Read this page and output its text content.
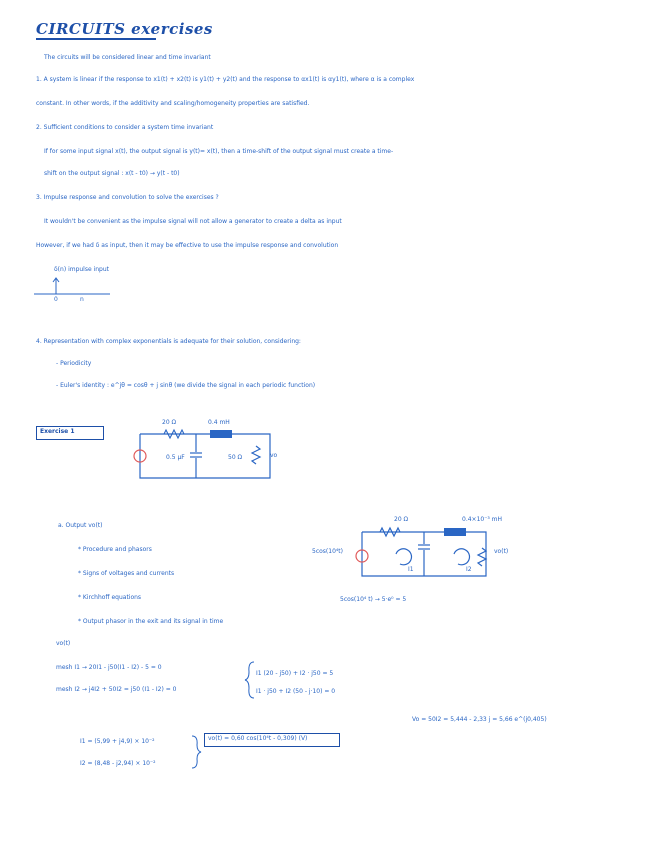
CIRCUITS exercises
The circuits will be considered linear and time invariant
1. A system is linear if the response to x1(t) + x2(t) is y1(t) + y2(t) and the response to αx1(t) is αy1(t), where α is a complex
constant. In other words, if the additivity and scaling/homogeneity properties are satisfied.
2. Sufficient conditions to consider a system time invariant
If for some input signal x(t), the output signal is y(t)= x(t), then a time-shift of the output signal must create a time-
shift on the output signal : x(t - t0) → y(t - t0)
3. Impulse response and convolution to solve the exercises ?
It wouldn't be convenient as the impulse signal will not allow a generator to create a delta as input
However, if we had δ as input, then it may be effective to use the impulse response and convolution
δ(n) impulse input
0	n
4. Representation with complex exponentials is adequate for their solution, considering:
- Periodicity
- Euler's identity : e^jθ = cosθ + j sinθ (we divide the signal in each periodic function)
Exercise 1
20 Ω	0.4 mH
0.5 µF	50 Ω	vo
a. Output vo(t)
* Procedure and phasors
* Signs of voltages and currents
* Kirchhoff equations
* Output phasor in the exit and its signal in time
20 Ω	0.4×10⁻³ mH
5cos(10⁴t)
I1	I2
vo(t)
5cos(10⁴ t) → 5·e⁰ = 5
vo(t)
mesh I1 → 20I1 - j50(I1 - I2) - 5 = 0
mesh I2 → j4I2 + 50I2 = j50 (I1 - I2) = 0
I1 (20 - j50) + I2 · j50 = 5
I1 · j50 + I2 (50 - j·10) = 0
Vo = 50I2 = 5,444 - 2,33 j = 5,66 e^(j0,405)
I1 = (5,99 + j4,9) × 10⁻²
I2 = (8,48 - j2,94) × 10⁻²
vo(t) = 0,60 cos(10⁴t - 0,309) (V)
